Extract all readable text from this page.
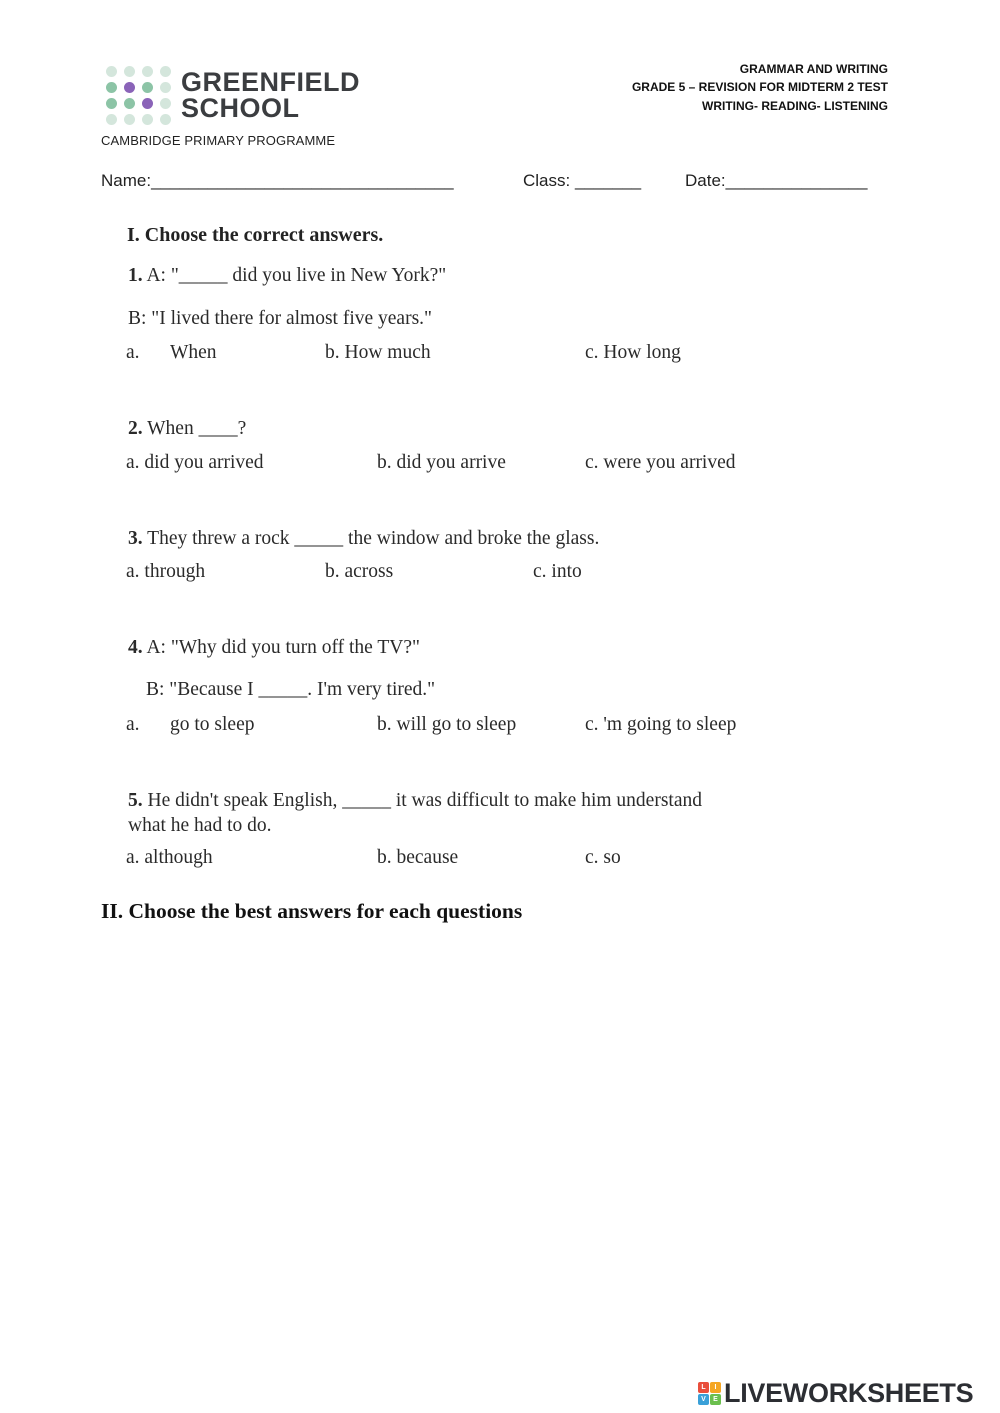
GREENFIELD
SCHOOL
CAMBRIDGE PRIMARY PROGRAMME
GRAMMAR AND WRITING
GRADE 5 – REVISION FOR MIDTERM 2 TEST
WRITING- READING- LISTENING
Name:________________________________	Class: _______	Date:_______________
I. Choose the correct answers.
1. A: "_____ did you live in New York?"
B: "I lived there for almost five years."
a. When	b. How much	c. How long
2. When ____?
a. did you arrived	b. did you arrive	c. were you arrived
3. They threw a rock _____ the window and broke the glass.
a. through	b. across	c. into
4. A: "Why did you turn off the TV?"
B: "Because I _____. I'm very tired."
a. go to sleep	b. will go to sleep	c. 'm going to sleep
5. He didn't speak English, _____ it was difficult to make him understand
what he had to do.
a. although	b. because	c. so
II. Choose the best answers for each questions
L	I
V	E LIVEWORKSHEETS
